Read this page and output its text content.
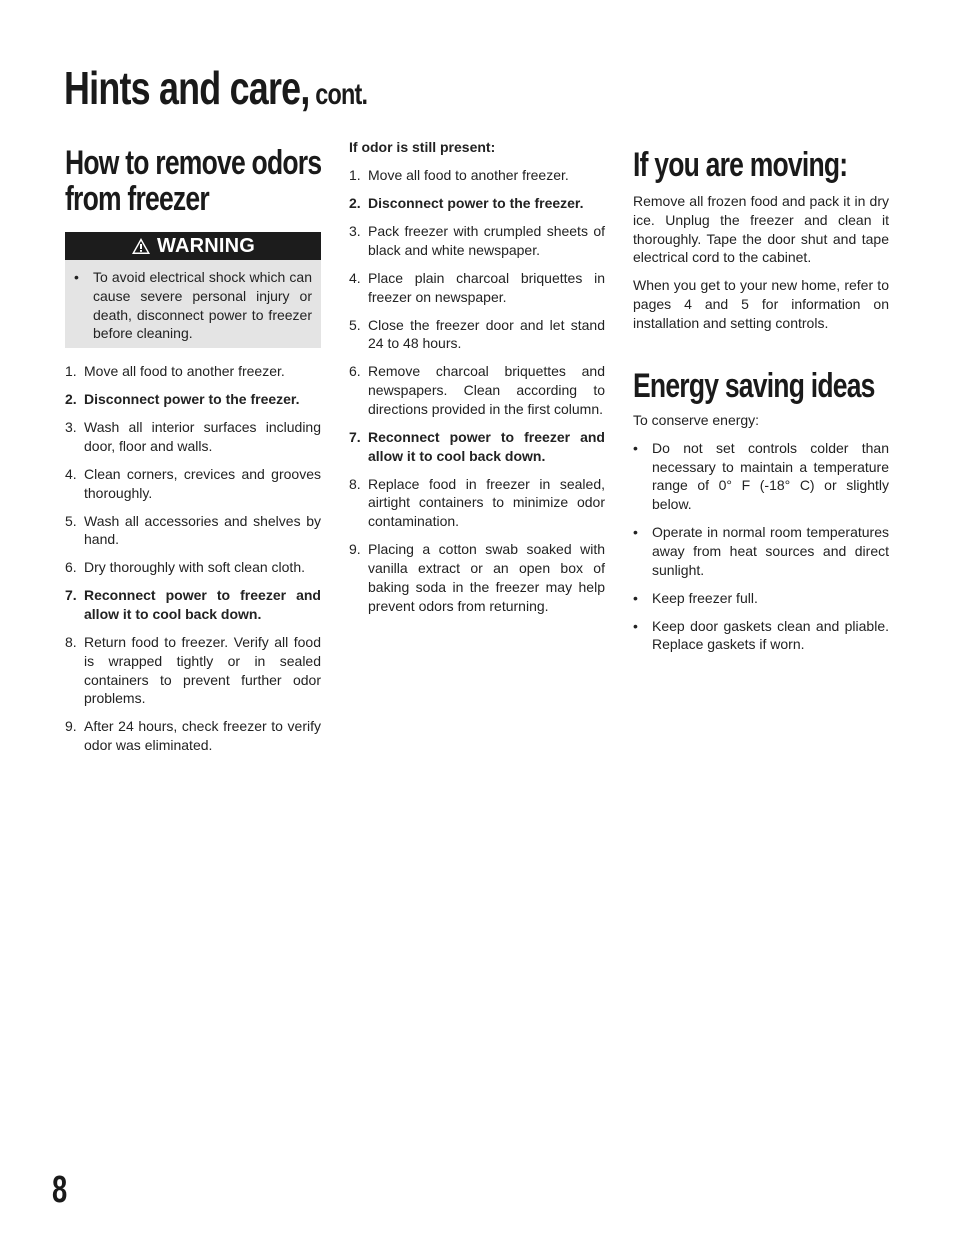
Hints and care, cont.
How to remove odors
from freezer
WARNING
• To avoid electrical shock which can cause severe personal injury or death, disconnect power to freezer before cleaning.
1. Move all food to another freezer.
2. Disconnect power to the freezer.
3. Wash all interior surfaces including door, floor and walls.
4. Clean corners, crevices and grooves thoroughly.
5. Wash all accessories and shelves by hand.
6. Dry thoroughly with soft clean cloth.
7. Reconnect power to freezer and allow it to cool back down.
8. Return food to freezer. Verify all food is wrapped tightly or in sealed containers to prevent further odor problems.
9. After 24 hours, check freezer to verify odor was eliminated.

If odor is still present:

1. Move all food to another freezer.
2. Disconnect power to the freezer.
3. Pack freezer with crumpled sheets of black and white newspaper.
4. Place plain charcoal briquettes in freezer on newspaper.
5. Close the freezer door and let stand 24 to 48 hours.
6. Remove charcoal briquettes and newspapers. Clean according to directions provided in the first column.
7. Reconnect power to freezer and allow it to cool back down.
8. Replace food in freezer in sealed, airtight containers to minimize odor contamination.
9. Placing a cotton swab soaked with vanilla extract or an open box of baking soda in the freezer may help prevent odors from returning.
If you are moving:

Remove all frozen food and pack it in dry ice. Unplug the freezer and clean it thoroughly. Tape the door shut and tape electrical cord to the cabinet.

When you get to your new home, refer to pages 4 and 5 for information on installation and setting controls.

Energy saving ideas

To conserve energy:

• Do not set controls colder than necessary to maintain a temperature range of 0° F (-18° C) or slightly below.
• Operate in normal room temperatures away from heat sources and direct sunlight.
• Keep freezer full.
• Keep door gaskets clean and pliable. Replace gaskets if worn.
8
